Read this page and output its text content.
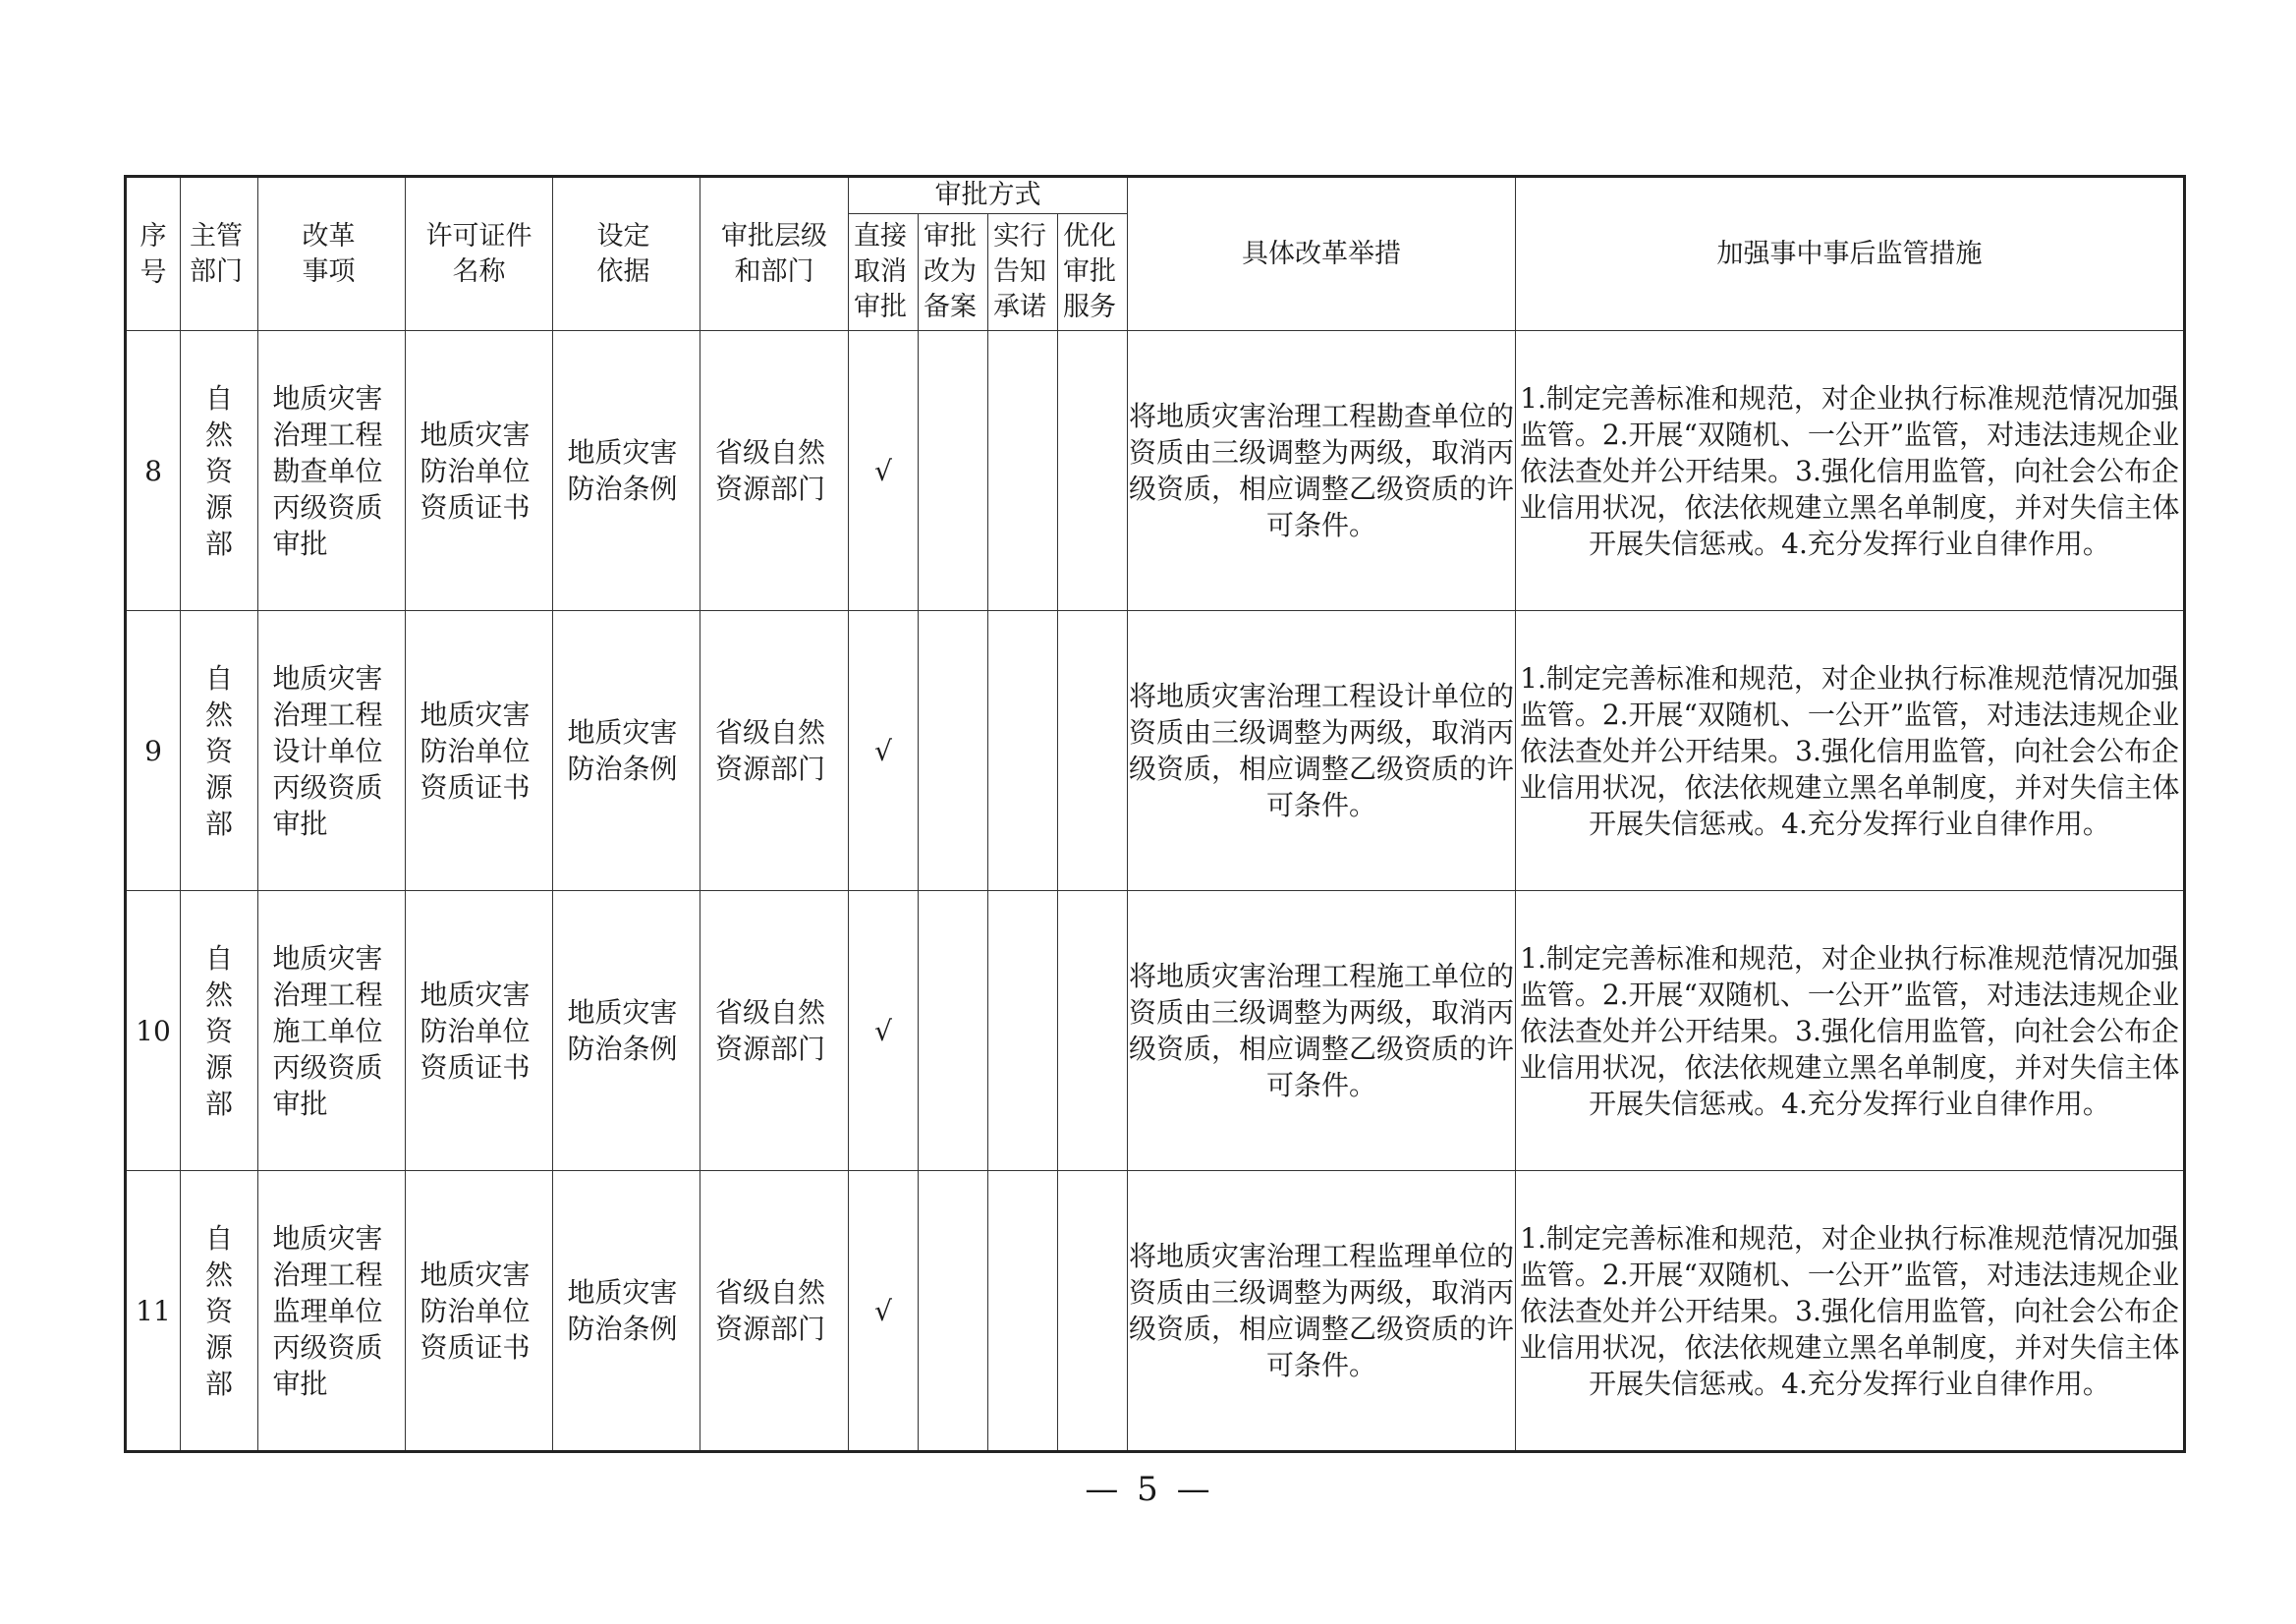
序号	主管部门	改革事项	许可证件名称	设定依据	审批层级和部门	审批方式				具体改革举措	加强事中事后监管措施
						直接取消审批	审批改为备案	实行告知承诺	优化审批服务		
8	自然资源部	地质灾害治理工程勘查单位丙级资质审批	地质灾害防治单位资质证书	地质灾害防治条例	省级自然资源部门	√				将地质灾害治理工程勘查单位的资质由三级调整为两级，取消丙级资质，相应调整乙级资质的许可条件。	1.制定完善标准和规范，对企业执行标准规范情况加强监管。2.开展“双随机、一公开”监管，对违法违规企业依法查处并公开结果。3.强化信用监管，向社会公布企业信用状况，依法依规建立黑名单制度，并对失信主体开展失信惩戒。4.充分发挥行业自律作用。
9	自然资源部	地质灾害治理工程设计单位丙级资质审批	地质灾害防治单位资质证书	地质灾害防治条例	省级自然资源部门	√				将地质灾害治理工程设计单位的资质由三级调整为两级，取消丙级资质，相应调整乙级资质的许可条件。	1.制定完善标准和规范，对企业执行标准规范情况加强监管。2.开展“双随机、一公开”监管，对违法违规企业依法查处并公开结果。3.强化信用监管，向社会公布企业信用状况，依法依规建立黑名单制度，并对失信主体开展失信惩戒。4.充分发挥行业自律作用。
10	自然资源部	地质灾害治理工程施工单位丙级资质审批	地质灾害防治单位资质证书	地质灾害防治条例	省级自然资源部门	√				将地质灾害治理工程施工单位的资质由三级调整为两级，取消丙级资质，相应调整乙级资质的许可条件。	1.制定完善标准和规范，对企业执行标准规范情况加强监管。2.开展“双随机、一公开”监管，对违法违规企业依法查处并公开结果。3.强化信用监管，向社会公布企业信用状况，依法依规建立黑名单制度，并对失信主体开展失信惩戒。4.充分发挥行业自律作用。
11	自然资源部	地质灾害治理工程监理单位丙级资质审批	地质灾害防治单位资质证书	地质灾害防治条例	省级自然资源部门	√				将地质灾害治理工程监理单位的资质由三级调整为两级，取消丙级资质，相应调整乙级资质的许可条件。	1.制定完善标准和规范，对企业执行标准规范情况加强监管。2.开展“双随机、一公开”监管，对违法违规企业依法查处并公开结果。3.强化信用监管，向社会公布企业信用状况，依法依规建立黑名单制度，并对失信主体开展失信惩戒。4.充分发挥行业自律作用。
— 5 —
